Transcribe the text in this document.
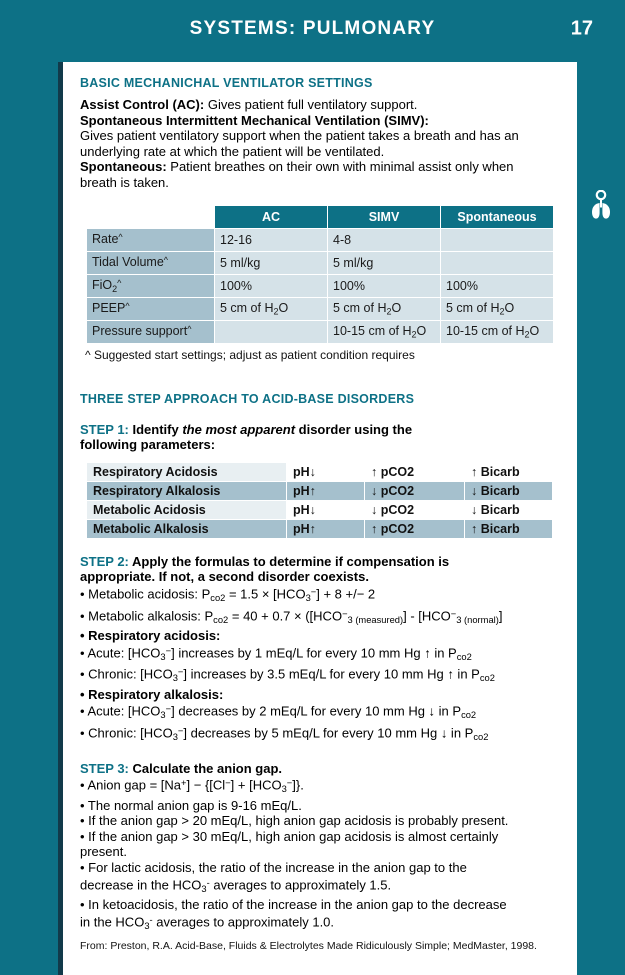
SYSTEMS: PULMONARY	17
BASIC MECHANICHAL VENTILATOR SETTINGS

Assist Control (AC): Gives patient full ventilatory support.

Spontaneous Intermittent Mechanical Ventilation (SIMV):

Gives patient ventilatory support when the patient takes a breath and has an

underlying rate at which the patient will be ventilated.

Spontaneous: Patient breathes on their own with minimal assist only when

breath is taken.

	AC	SIMV	Spontaneous
Rate^	12-16	4-8	
Tidal Volume^	5 ml/kg	5 ml/kg	
FiO$_2$^	100%	100%	100%
PEEP^	5 cm of $H_2O$	5 cm of $H_2O$	5 cm of $H_2O$
Pressure support^		10-15 cm of $H_2O$	10-15 cm of $H_2O$
^ Suggested start settings; adjust as patient condition requires
THREE STEP APPROACH TO ACID-BASE DISORDERS

STEP 1: Identify the most apparent disorder using the

following parameters:

Respiratory Acidosis	pH↓	↑ pCO2	↑ Bicarb
Respiratory Alkalosis	pH↑	↓ pCO2	↓ Bicarb
Metabolic Acidosis	pH↓	↓ pCO2	↓ Bicarb
Metabolic Alkalosis	pH↑	↑ pCO2	↑ Bicarb

STEP 2: Apply the formulas to determine if compensation is

appropriate. If not, a second disorder coexists.

• Metabolic acidosis: $P_{co2} = 1.5 \times [HCO_3^-] + 8$ +/− 2

• Metabolic alkalosis: $P_{co2} = 40 + 0.7 \times ([HCO^-_{3 (measured)}] - [HCO^-_{3 (normal)}]$

• Respiratory acidosis:

• Acute: $[HCO_3^-]$ increases by 1 mEq/L for every 10 mm Hg ↑ in $P_{co2}$

• Chronic: $[HCO_3^-]$ increases by 3.5 mEq/L for every 10 mm Hg ↑ in $P_{co2}$

• Respiratory alkalosis:

• Acute: $[HCO_3^-]$ decreases by 2 mEq/L for every 10 mm Hg ↓ in $P_{co2}$

• Chronic: $[HCO_3^-]$ decreases by 5 mEq/L for every 10 mm Hg ↓ in $P_{co2}$

STEP 3: Calculate the anion gap.

• Anion gap = $[Na^+] - \{[Cl^-] + [HCO_3^-]\}$.

• The normal anion gap is 9-16 mEq/L.

• If the anion gap > 20 mEq/L, high anion gap acidosis is probably present.

• If the anion gap > 30 mEq/L, high anion gap acidosis is almost certainly

present.

• For lactic acidosis, the ratio of the increase in the anion gap to the

decrease in the $HCO_3^-$ averages to approximately 1.5.

• In ketoacidosis, the ratio of the increase in the anion gap to the decrease

in the $HCO_3^-$ averages to approximately 1.0.

From: Preston, R.A. Acid-Base, Fluids & Electrolytes Made Ridiculously Simple; MedMaster, 1998.
